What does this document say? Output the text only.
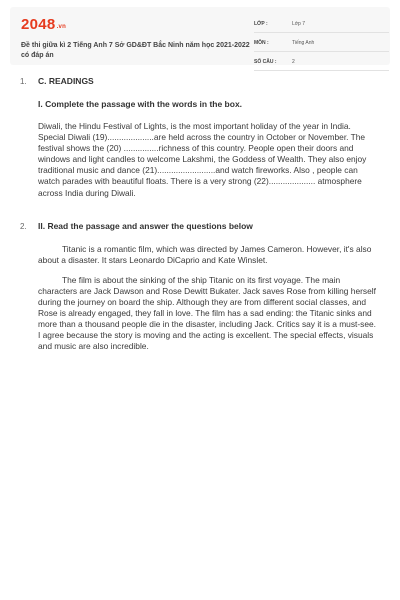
2048.vn
Đề thi giữa kì 2 Tiếng Anh 7 Sở GD&ĐT Bắc Ninh năm học 2021-2022 có đáp án
LỚP :	Lớp 7
MÔN :	Tiếng Anh
SỐ CÂU :	2
1. C. READINGS
I. Complete the passage with the words in the box.

Diwali, the Hindu Festival of Lights, is the most important holiday of the year in India. Special Diwali (19)....................are held across the country in October or November. The festival shows the (20) ...............richness of this country. People open their doors and windows and light candles to welcome Lakshmi, the Goddess of Wealth. They also enjoy traditional music and dance (21).........................and watch fireworks. Also , people can watch parades with beautiful floats. There is a very strong (22).................... atmosphere across India during Diwali.

2. II. Read the passage and answer the questions below

Titanic is a romantic film, which was directed by James Cameron. However, it's also about a disaster. It stars Leonardo DiCaprio and Kate Winslet.

The film is about the sinking of the ship Titanic on its first voyage. The main characters are Jack Dawson and Rose Dewitt Bukater. Jack saves Rose from killing herself during the journey on board the ship. Although they are from different social classes, and Rose is already engaged, they fall in love. The film has a sad ending: the Titanic sinks and more than a thousand people die in the disaster, including Jack. Critics say it is a must-see. I agree because the story is moving and the acting is excellent. The special effects, visuals and music are also incredible.
